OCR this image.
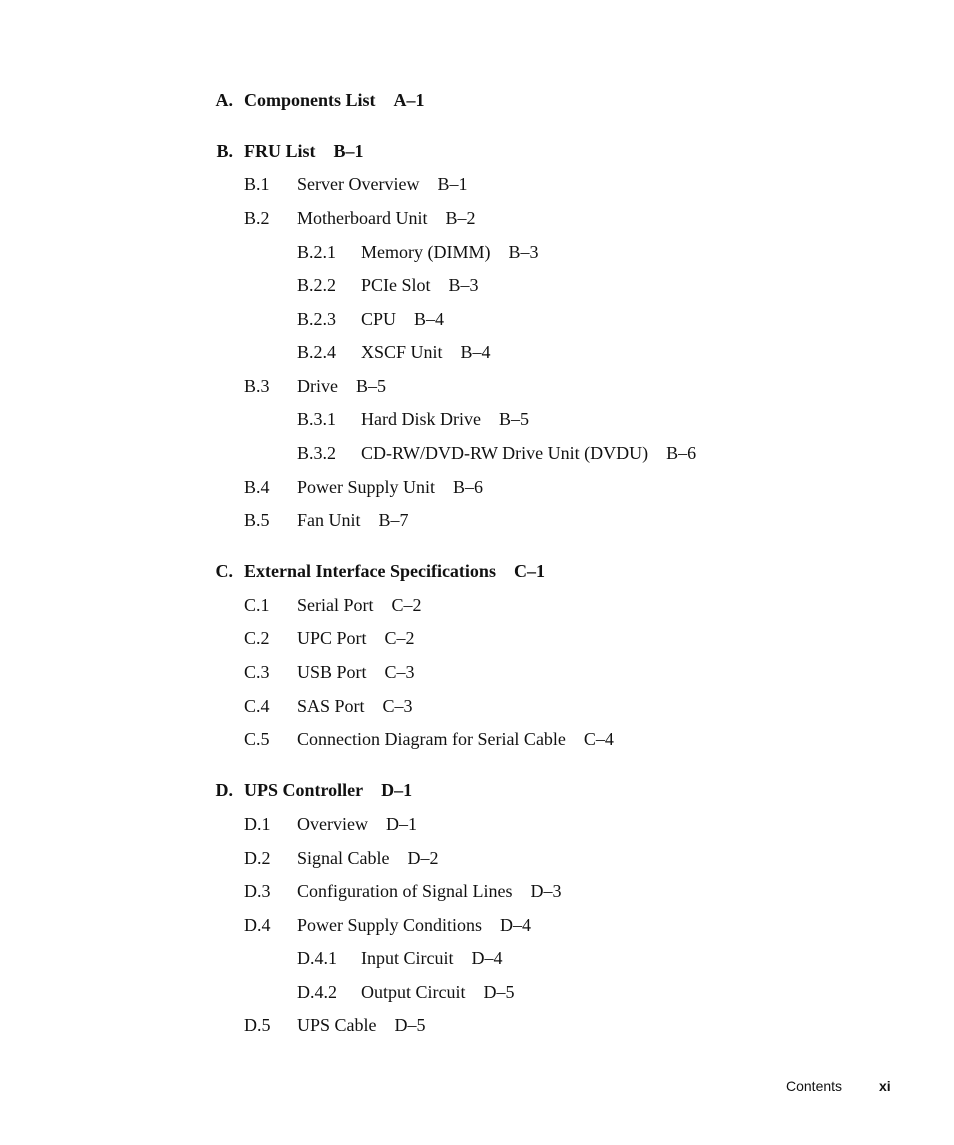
A. Components List A–1
B. FRU List B–1
B.1 Server Overview B–1
B.2 Motherboard Unit B–2
B.2.1 Memory (DIMM) B–3
B.2.2 PCIe Slot B–3
B.2.3 CPU B–4
B.2.4 XSCF Unit B–4
B.3 Drive B–5
B.3.1 Hard Disk Drive B–5
B.3.2 CD-RW/DVD-RW Drive Unit (DVDU) B–6
B.4 Power Supply Unit B–6
B.5 Fan Unit B–7
C. External Interface Specifications C–1
C.1 Serial Port C–2
C.2 UPC Port C–2
C.3 USB Port C–3
C.4 SAS Port C–3
C.5 Connection Diagram for Serial Cable C–4
D. UPS Controller D–1
D.1 Overview D–1
D.2 Signal Cable D–2
D.3 Configuration of Signal Lines D–3
D.4 Power Supply Conditions D–4
D.4.1 Input Circuit D–4
D.4.2 Output Circuit D–5
D.5 UPS Cable D–5
Contents	xi
